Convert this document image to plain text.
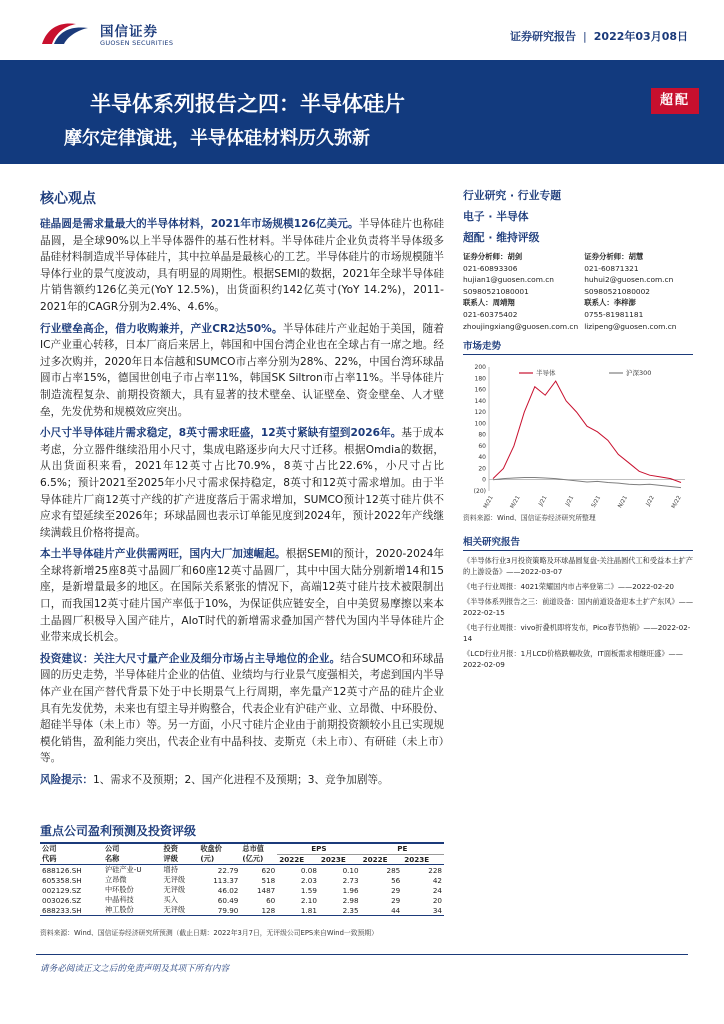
国信证券
GUOSEN SECURITIES	证券研究报告 | 2022年03月08日
半导体系列报告之四：半导体硅片
摩尔定律演进，半导体硅材料历久弥新
超配
核心观点

硅晶圆是需求量最大的半导体材料，2021年市场规模126亿美元。半导体硅片也称硅晶圆，是全球90%以上半导体器件的基石性材料。半导体硅片企业负责将半导体级多晶硅材料制造成半导体硅片，其中拉单晶是最核心的工艺。半导体硅片的市场规模随半导体行业的景气度波动，具有明显的周期性。根据SEMI的数据，2021年全球半导体硅片销售额约126亿美元(YoY 12.5%)，出货面积约142亿英寸(YoY 14.2%)，2011-2021年的CAGR分别为2.4%、4.6%。

行业壁垒高企，借力收购兼并，产业CR2达50%。半导体硅片产业起始于美国，随着IC产业重心转移，日本厂商后来居上，韩国和中国台湾企业也在全球占有一席之地。经过多次购并，2020年日本信越和SUMCO市占率分别为28%、22%，中国台湾环球晶圆市占率15%，德国世创电子市占率11%，韩国SK Siltron市占率11%。半导体硅片制造流程复杂、前期投资额大，具有显著的技术壁垒、认证壁垒、资金壁垒、人才壁垒，先发优势和规模效应突出。

小尺寸半导体硅片需求稳定，8英寸需求旺盛，12英寸紧缺有望到2026年。基于成本考虑，分立器件继续沿用小尺寸，集成电路逐步向大尺寸迁移。根据Omdia的数据，从出货面积来看，2021年12英寸占比70.9%，8英寸占比22.6%，小尺寸占比6.5%；预计2021至2025年小尺寸需求保持稳定，8英寸和12英寸需求增加。由于半导体硅片厂商12英寸产线的扩产进度落后于需求增加，SUMCO预计12英寸硅片供不应求有望延续至2026年；环球晶圆也表示订单能见度到2024年，预计2022年产线继续满载且价格将提高。

本土半导体硅片产业供需两旺，国内大厂加速崛起。根据SEMI的预计，2020-2024年全球将新增25座8英寸晶圆厂和60座12英寸晶圆厂，其中中国大陆分别新增14和15座，是新增量最多的地区。在国际关系紧张的情况下，高端12英寸硅片技术被限制出口，而我国12英寸硅片国产率低于10%，为保证供应链安全，自中美贸易摩擦以来本土晶圆厂积极导入国产硅片，AIoT时代的新增需求叠加国产替代为国内半导体硅片企业带来成长机会。

投资建议：关注大尺寸量产企业及细分市场占主导地位的企业。结合SUMCO和环球晶圆的历史走势，半导体硅片企业的估值、业绩均与行业景气度强相关，考虑到国内半导体产业在国产替代背景下处于中长期景气上行周期，率先量产12英寸产品的硅片企业具有先发优势，未来也有望主导并购整合，代表企业有沪硅产业、立昂微、中环股份、超硅半导体（未上市）等。另一方面，小尺寸硅片企业由于前期投资额较小且已实现规模化销售，盈利能力突出，代表企业有中晶科技、麦斯克（未上市）、有研硅（未上市）等。

风险提示：1、需求不及预期；2、国产化进程不及预期；3、竞争加剧等。

行业研究 · 行业专题
电子 · 半导体
超配 · 维持评级
证券分析师：胡剑
021-60893306
hujian1@guosen.com.cn
S0980521080001
证券分析师：胡慧
021-60871321
huhui2@guosen.com.cn
S0980521080002
联系人：周靖翔
021-60375402
zhoujingxiang@guosen.com.cn
联系人：李梓澎
0755-81981181
lizipeng@guosen.com.cn
市场走势
(20)
0
20
40
60
80
100
120
140
160
180
200
M/21	M/21	J/21	J/21	S/21	N/21	J/22	M/22
半导体	沪深300
资料来源：Wind、国信证券经济研究所整理
相关研究报告
《半导体行业3月投资策略及环球晶圆复盘-关注晶圆代工和受益本土扩产的上游设备》——2022-03-07
《电子行业周报：4021荣耀国内市占率登第二》——2022-02-20
《半导体系列报告之三：前道设备：国内前道设备迎本土扩产东风》——2022-02-15
《电子行业周报：vivo折叠机即将发布，Pico春节热销》——2022-02-14
《LCD行业月报：1月LCD价格跌幅收敛，IT面板需求相继旺盛》——2022-02-09
重点公司盈利预测及投资评级
公司	公司	投资	收盘价	总市值	EPS		PE	
代码	名称	评级	(元)	(亿元)	2022E	2023E	2022E	2023E
688126.SH	沪硅产业-U	增持	22.79	620	0.08	0.10	285	228
605358.SH	立昂微	无评级	113.37	518	2.03	2.73	56	42
002129.SZ	中环股份	无评级	46.02	1487	1.59	1.96	29	24
003026.SZ	中晶科技	买入	60.49	60	2.10	2.98	29	20
688233.SH	神工股份	无评级	79.90	128	1.81	2.35	44	34
资料来源：Wind、国信证券经济研究所预测（截止日期：2022年3月7日，无评级公司EPS来自Wind一致预期）
请务必阅读正文之后的免责声明及其项下所有内容
